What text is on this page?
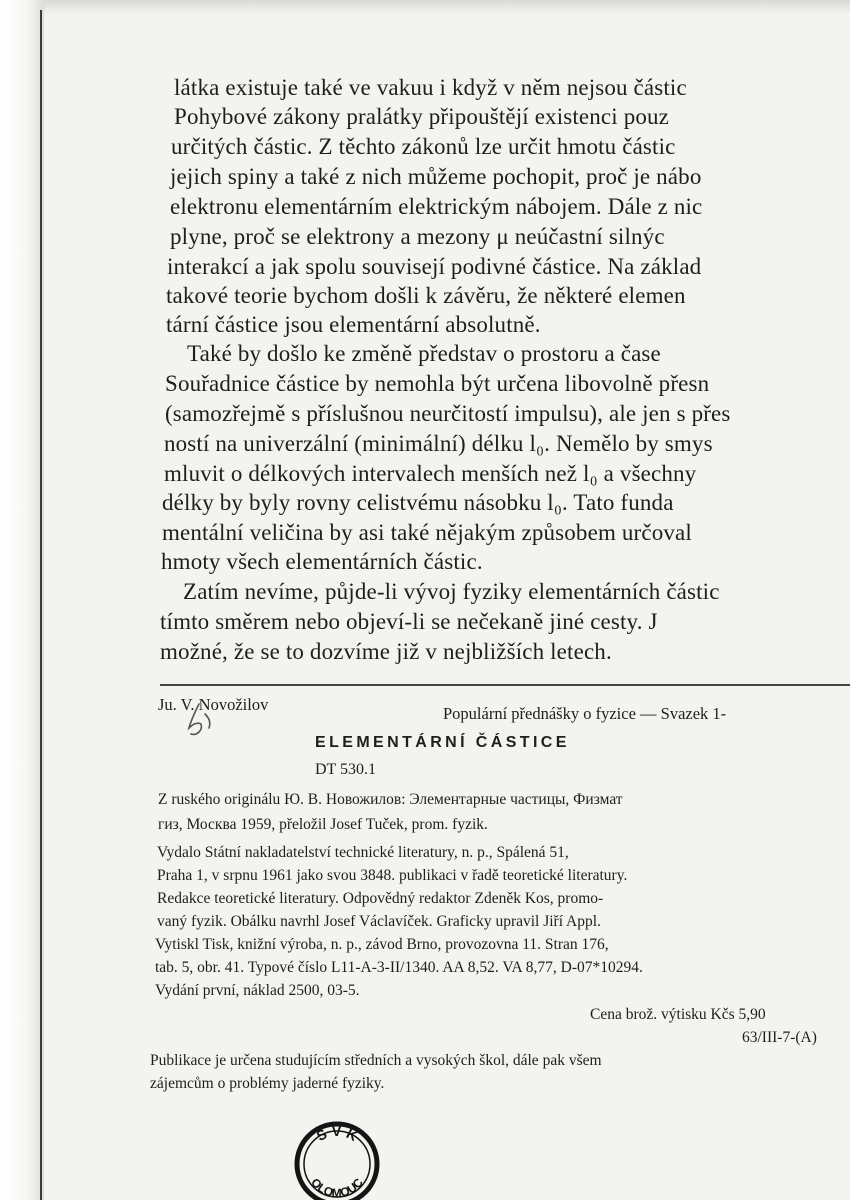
látka existuje také ve vakuu i když v něm nejsou částic

Pohybové zákony pralátky připouštějí existenci pouz

určitých částic. Z těchto zákonů lze určit hmotu částic

jejich spiny a také z nich můžeme pochopit, proč je nábo

elektronu elementárním elektrickým nábojem. Dále z nic

plyne, proč se elektrony a mezony μ neúčastní silnýc

interakcí a jak spolu souvisejí podivné částice. Na základ

takové teorie bychom došli k závěru, že některé elemen

tární částice jsou elementární absolutně.

Také by došlo ke změně představ o prostoru a čase

Souřadnice částice by nemohla být určena libovolně přesn

(samozřejmě s příslušnou neurčitostí impulsu), ale jen s přes

ností na univerzální (minimální) délku l₀. Nemělo by smys

mluvit o délkových intervalech menších než l₀ a všechny

délky by byly rovny celistvému násobku l₀. Tato funda

mentální veličina by asi také nějakým způsobem určoval

hmoty všech elementárních částic.

Zatím nevíme, půjde-li vývoj fyziky elementárních částic

tímto směrem nebo objeví-li se nečekaně jiné cesty. J

možné, že se to dozvíme již v nejbližších letech.

Ju. V. Novožilov	Populární přednášky o fyzice — Svazek 1-

ELEMENTÁRNÍ ČÁSTICE

DT 530.1

Z ruského originálu Ю. В. Новожилов: Элементарные частицы, Физмат

гиз, Москва 1959, přeložil Josef Tuček, prom. fyzik.

Vydalo Státní nakladatelství technické literatury, n. p., Spálená 51,

Praha 1, v srpnu 1961 jako svou 3848. publikaci v řadě teoretické literatury.

Redakce teoretické literatury. Odpovědný redaktor Zdeněk Kos, promo-

vaný fyzik. Obálku navrhl Josef Václavíček. Graficky upravil Jiří Appl.

Vytiskl Tisk, knižní výroba, n. p., závod Brno, provozovna 11. Stran 176,

tab. 5, obr. 41. Typové číslo L11-A-3-II/1340. AA 8,52. VA 8,77, D-07*10294.

Vydání první, náklad 2500, 03-5.

Cena brož. výtisku Kčs 5,90

63/III-7-(A)

Publikace je určena studujícím středních a vysokých škol, dále pak všem

zájemcům o problémy jaderné fyziky.

S V K
OLOMOUC
